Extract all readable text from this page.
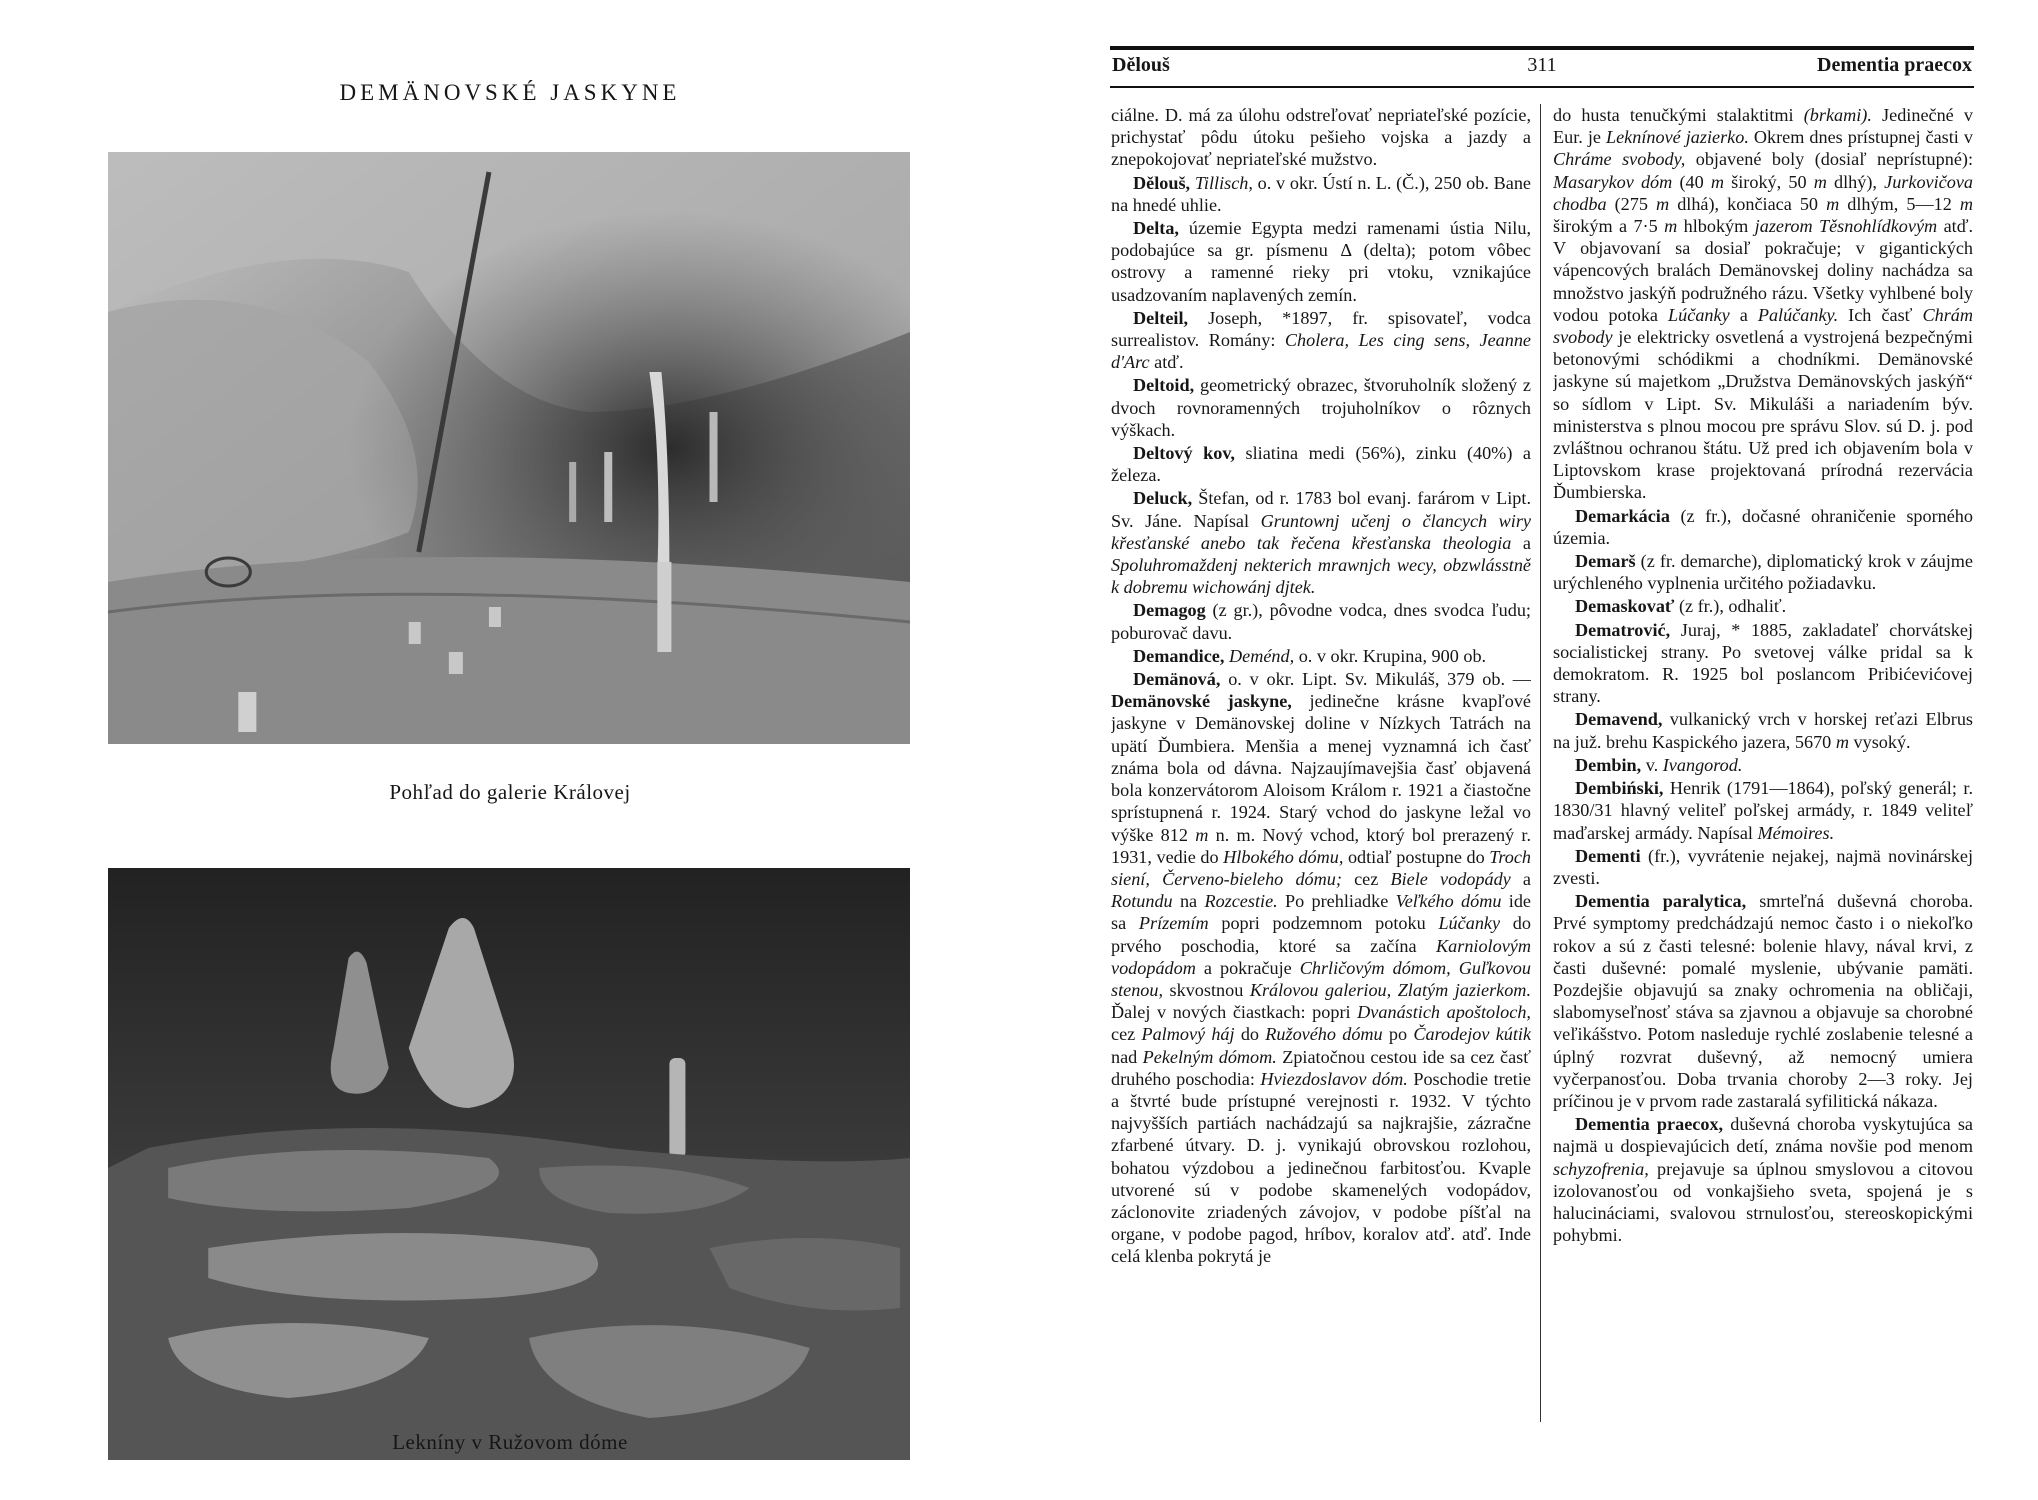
DEMÄNOVSKÉ JASKYNE
Pohľad do galerie Královej
Lekníny v Ružovom dóme
Dělouš	311	Dementia praecox

ciálne. D. má za úlohu odstreľovať nepriateľské pozície, prichystať pôdu útoku pešieho vojska a jazdy a znepokojovať nepriateľské mužstvo.

Dělouš, Tillisch, o. v okr. Ústí n. L. (Č.), 250 ob. Bane na hnedé uhlie.

Delta, územie Egypta medzi ramenami ústia Nilu, podobajúce sa gr. písmenu Δ (delta); potom vôbec ostrovy a ramenné rieky pri vtoku, vznikajúce usadzovaním naplavených zemín.

Delteil, Joseph, *1897, fr. spisovateľ, vodca surrealistov. Romány: Cholera, Les cing sens, Jeanne d'Arc atď.

Deltoid, geometrický obrazec, štvoruholník složený z dvoch rovnoramenných trojuholníkov o rôznych výškach.

Deltový kov, sliatina medi (56%), zinku (40%) a železa.

Deluck, Štefan, od r. 1783 bol evanj. farárom v Lipt. Sv. Jáne. Napísal Gruntownj učenj o člancych wiry křesťanské anebo tak řečena křesťanska theologia a Spoluhromaždenj nekterich mrawnjch wecy, obzwlásstně k dobremu wichowánj djtek.

Demagog (z gr.), pôvodne vodca, dnes svodca ľudu; poburovač davu.

Demandice, Deménd, o. v okr. Krupina, 900 ob.

Demänová, o. v okr. Lipt. Sv. Mikuláš, 379 ob. — Demänovské jaskyne, jedinečne krásne kvapľové jaskyne v Demänovskej doline v Nízkych Tatrách na upätí Ďumbiera. Menšia a menej vyznamná ich časť známa bola od dávna. Najzaujímavejšia časť objavená bola konzervátorom Aloisom Králom r. 1921 a čiastočne sprístupnená r. 1924. Starý vchod do jaskyne ležal vo výške 812 m n. m. Nový vchod, ktorý bol prerazený r. 1931, vedie do Hlbokého dómu, odtiaľ postupne do Troch siení, Červeno-bieleho dómu; cez Biele vodopády a Rotundu na Rozcestie. Po prehliadke Veľkého dómu ide sa Prízemím popri podzemnom potoku Lúčanky do prvého poschodia, ktoré sa začína Karniolovým vodopádom a pokračuje Chrličovým dómom, Guľkovou stenou, skvostnou Královou galeriou, Zlatým jazierkom. Ďalej v nových čiastkach: popri Dvanástich apoštoloch, cez Palmový háj do Ružového dómu po Čarodejov kútik nad Pekelným dómom. Zpiatočnou cestou ide sa cez časť druhého poschodia: Hviezdoslavov dóm. Poschodie tretie a štvrté bude prístupné verejnosti r. 1932. V týchto najvyšších partiách nachádzajú sa najkrajšie, zázračne zfarbené útvary. D. j. vynikajú obrovskou rozlohou, bohatou výzdobou a jedinečnou farbitosťou. Kvaple utvorené sú v podobe skamenelých vodopádov, záclonovite zriadených závojov, v podobe píšťal na organe, v podobe pagod, hríbov, koralov atď. atď. Inde celá klenba pokrytá je

do husta tenučkými stalaktitmi (brkami). Jedinečné v Eur. je Leknínové jazierko. Okrem dnes prístupnej časti v Chráme svobody, objavené boly (dosiaľ neprístupné): Masarykov dóm (40 m široký, 50 m dlhý), Jurkovičova chodba (275 m dlhá), končiaca 50 m dlhým, 5—12 m širokým a 7·5 m hlbokým jazerom Těsnohlídkovým atď. V objavovaní sa dosiaľ pokračuje; v gigantických vápencových bralách Demänovskej doliny nachádza sa množstvo jaskýň podružného rázu. Všetky vyhlbené boly vodou potoka Lúčanky a Palúčanky. Ich časť Chrám svobody je elektricky osvetlená a vystrojená bezpečnými betonovými schódikmi a chodníkmi. Demänovské jaskyne sú majetkom „Družstva Demänovských jaskýň“ so sídlom v Lipt. Sv. Mikuláši a nariadením býv. ministerstva s plnou mocou pre správu Slov. sú D. j. pod zvláštnou ochranou štátu. Už pred ich objavením bola v Liptovskom krase projektovaná prírodná rezervácia Ďumbierska.

Demarkácia (z fr.), dočasné ohraničenie sporného územia.

Demarš (z fr. demarche), diplomatický krok v záujme urýchleného vyplnenia určitého požiadavku.

Demaskovať (z fr.), odhaliť.

Dematrović, Juraj, * 1885, zakladateľ chorvátskej socialistickej strany. Po svetovej válke pridal sa k demokratom. R. 1925 bol poslancom Pribićevićovej strany.

Demavend, vulkanický vrch v horskej reťazi Elbrus na juž. brehu Kaspického jazera, 5670 m vysoký.

Dembin, v. Ivangorod.

Dembiński, Henrik (1791—1864), poľský generál; r. 1830/31 hlavný veliteľ poľskej armády, r. 1849 veliteľ maďarskej armády. Napísal Mémoires.

Dementi (fr.), vyvrátenie nejakej, najmä novinárskej zvesti.

Dementia paralytica, smrteľná duševná choroba. Prvé symptomy predchádzajú nemoc často i o niekoľko rokov a sú z časti telesné: bolenie hlavy, nával krvi, z časti duševné: pomalé myslenie, ubývanie pamäti. Pozdejšie objavujú sa znaky ochromenia na obličaji, slabomyseľnosť stáva sa zjavnou a objavuje sa chorobné veľikášstvo. Potom nasleduje rychlé zoslabenie telesné a úplný rozvrat duševný, až nemocný umiera vyčerpanosťou. Doba trvania choroby 2—3 roky. Jej príčinou je v prvom rade zastaralá syfilitická nákaza.

Dementia praecox, duševná choroba vyskytujúca sa najmä u dospievajúcich detí, známa novšie pod menom schyzofrenia, prejavuje sa úplnou smyslovou a citovou izolovanosťou od vonkajšieho sveta, spojená je s halucináciami, svalovou strnulosťou, stereoskopickými pohybmi.
